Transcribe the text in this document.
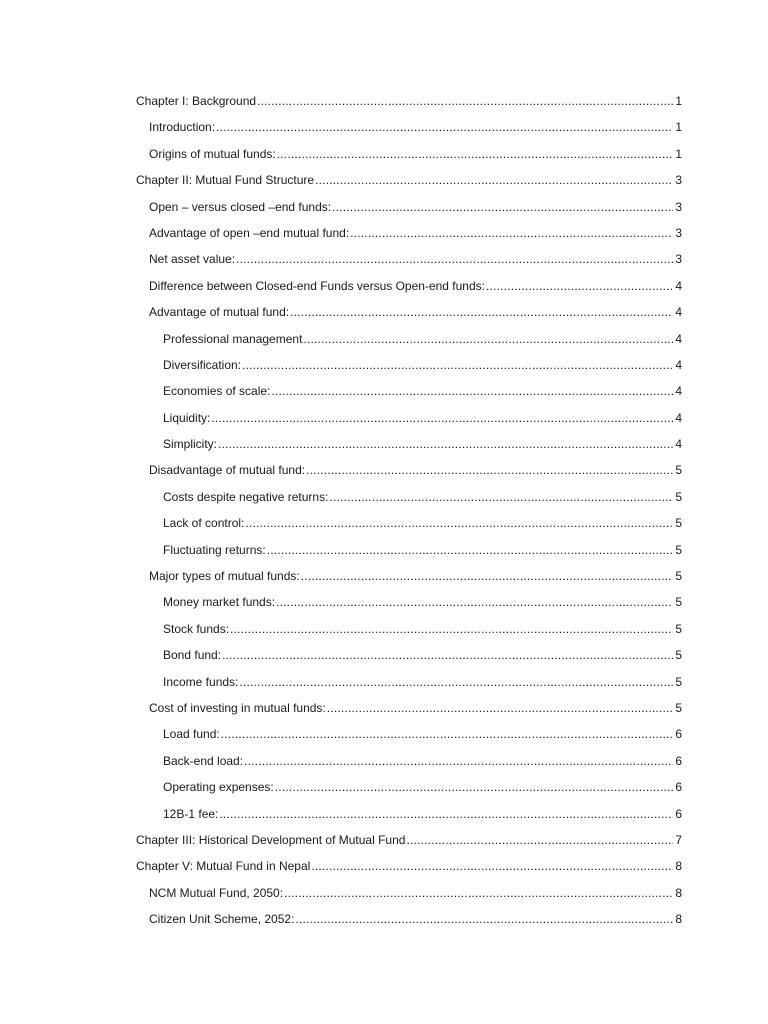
Chapter I: Background .....	1
Introduction: .....	1
Origins of mutual funds: .....	1
Chapter II: Mutual Fund Structure .....	3
Open – versus closed –end funds: .....	3
Advantage of open –end mutual fund: .....	3
Net asset value: .....	3
Difference between Closed-end Funds versus Open-end funds: .....	4
Advantage of mutual fund: .....	4
Professional management .....	4
Diversification: .....	4
Economies of scale: .....	4
Liquidity: .....	4
Simplicity: .....	4
Disadvantage of mutual fund: .....	5
Costs despite negative returns: .....	5
Lack of control: .....	5
Fluctuating returns: .....	5
Major types of mutual funds: .....	5
Money market funds: .....	5
Stock funds: .....	5
Bond fund: .....	5
Income funds: .....	5
Cost of investing in mutual funds: .....	5
Load fund: .....	6
Back-end load: .....	6
Operating expenses: .....	6
12B-1 fee: .....	6
Chapter III: Historical Development of Mutual Fund .....	7
Chapter V: Mutual Fund in Nepal .....	8
NCM Mutual Fund, 2050: .....	8
Citizen Unit Scheme, 2052: .....	8
